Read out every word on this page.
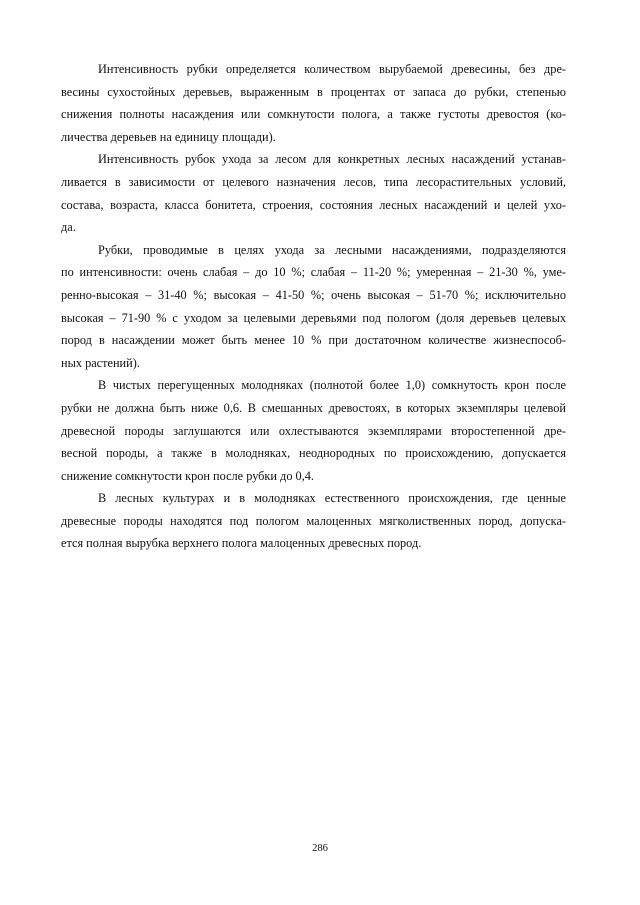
Интенсивность рубки определяется количеством вырубаемой древесины, без дре-
весины сухостойных деревьев, выраженным в процентах от запаса до рубки, степенью
снижения полноты насаждения или сомкнутости полога, а также густоты древостоя (ко-
личества деревьев на единицу площади).

Интенсивность рубок ухода за лесом для конкретных лесных насаждений устанав-
ливается в зависимости от целевого назначения лесов, типа лесорастительных условий,
состава, возраста, класса бонитета, строения, состояния лесных насаждений и целей ухо-
да.

Рубки, проводимые в целях ухода за лесными насаждениями, подразделяются
по интенсивности: очень слабая – до 10 %; слабая – 11-20 %; умеренная – 21-30 %, уме-
ренно-высокая – 31-40 %; высокая – 41-50 %; очень высокая – 51-70 %; исключительно
высокая – 71-90 % с уходом за целевыми деревьями под пологом (доля деревьев целевых
пород в насаждении может быть менее 10 % при достаточном количестве жизнеспособ-
ных растений).

В чистых перегущенных молодняках (полнотой более 1,0) сомкнутость крон после
рубки не должна быть ниже 0,6. В смешанных древостоях, в которых экземпляры целевой
древесной породы заглушаются или охлестываются экземплярами второстепенной дре-
весной породы, а также в молодняках, неоднородных по происхождению, допускается
снижение сомкнутости крон после рубки до 0,4.

В лесных культурах и в молодняках естественного происхождения, где ценные
древесные породы находятся под пологом малоценных мягколиственных пород, допуска-
ется полная вырубка верхнего полога малоценных древесных пород.

286
